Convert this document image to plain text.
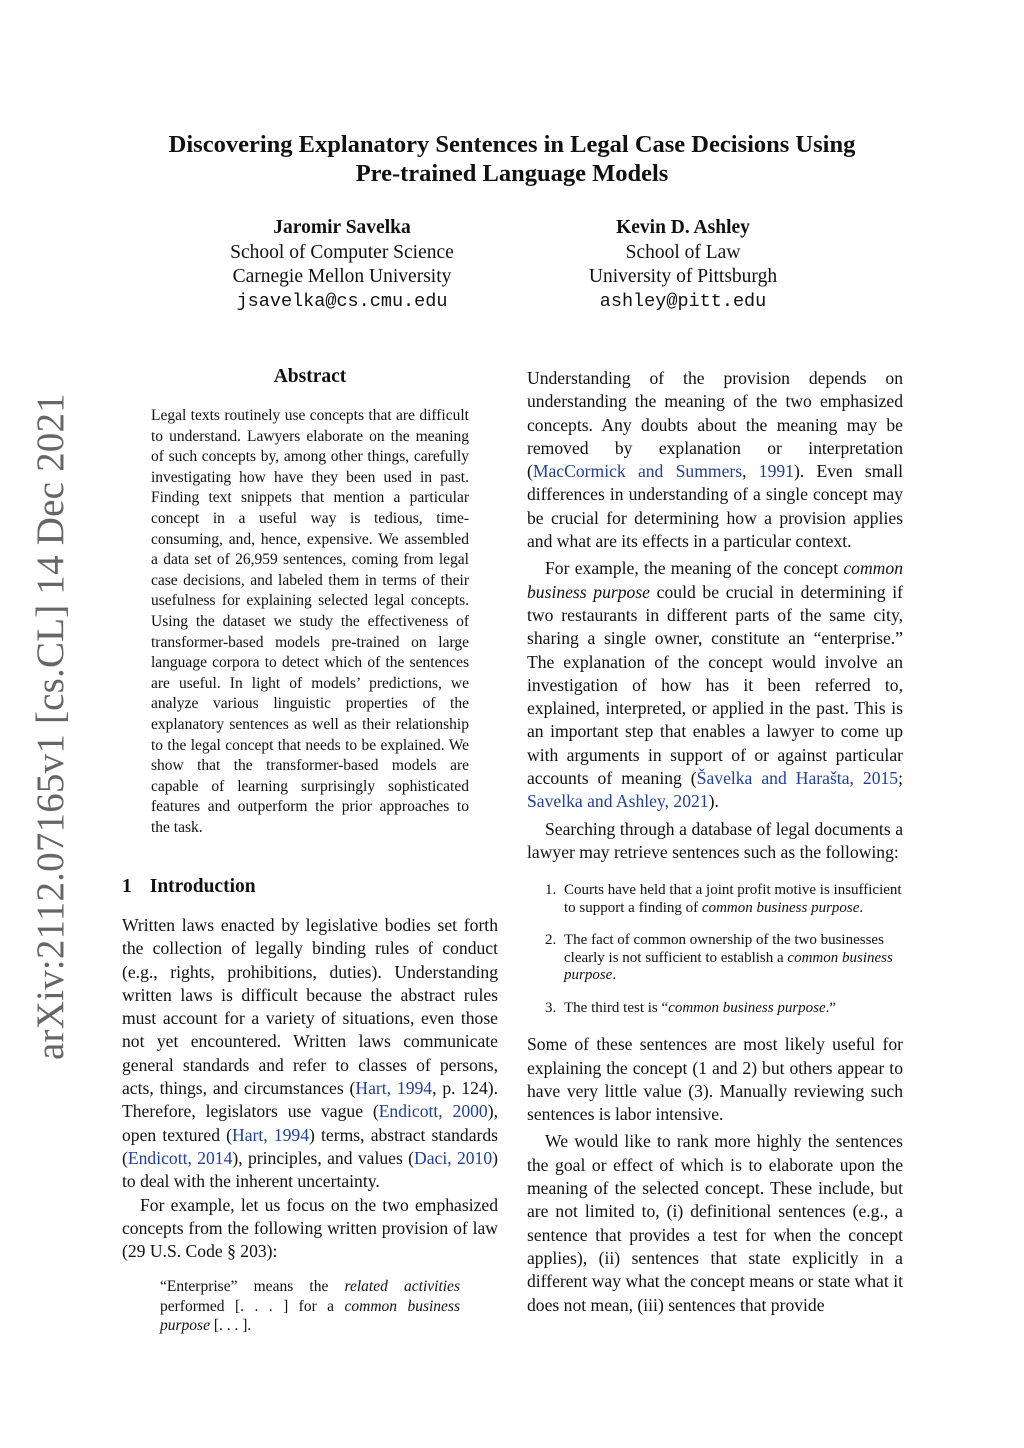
Discovering Explanatory Sentences in Legal Case Decisions Using
Pre-trained Language Models
Jaromir Savelka
School of Computer Science
Carnegie Mellon University
jsavelka@cs.cmu.edu
Kevin D. Ashley
School of Law
University of Pittsburgh
ashley@pitt.edu
arXiv:2112.07165v1 [cs.CL] 14 Dec 2021
Abstract
Legal texts routinely use concepts that are difficult to understand. Lawyers elaborate on the meaning of such concepts by, among other things, carefully investigating how have they been used in past. Finding text snippets that mention a particular concept in a useful way is tedious, time-consuming, and, hence, expensive. We assembled a data set of 26,959 sentences, coming from legal case decisions, and labeled them in terms of their usefulness for explaining selected legal concepts. Using the dataset we study the effectiveness of transformer-based models pre-trained on large language corpora to detect which of the sentences are useful. In light of models’ predictions, we analyze various linguistic properties of the explanatory sentences as well as their relationship to the legal concept that needs to be explained. We show that the transformer-based models are capable of learning surprisingly sophisticated features and outperform the prior approaches to the task.
1 Introduction

Written laws enacted by legislative bodies set forth the collection of legally binding rules of conduct (e.g., rights, prohibitions, duties). Understanding written laws is difficult because the abstract rules must account for a variety of situations, even those not yet encountered. Written laws communicate general standards and refer to classes of persons, acts, things, and circumstances (Hart, 1994, p. 124). Therefore, legislators use vague (Endicott, 2000), open textured (Hart, 1994) terms, abstract standards (Endicott, 2014), principles, and values (Daci, 2010) to deal with the inherent uncertainty.

For example, let us focus on the two emphasized concepts from the following written provision of law (29 U.S. Code § 203):

“Enterprise” means the related activities performed [. . . ] for a common business purpose [. . . ].

Understanding of the provision depends on understanding the meaning of the two emphasized concepts. Any doubts about the meaning may be removed by explanation or interpretation (MacCormick and Summers, 1991). Even small differences in understanding of a single concept may be crucial for determining how a provision applies and what are its effects in a particular context.

For example, the meaning of the concept common business purpose could be crucial in determining if two restaurants in different parts of the same city, sharing a single owner, constitute an “enterprise.” The explanation of the concept would involve an investigation of how has it been referred to, explained, interpreted, or applied in the past. This is an important step that enables a lawyer to come up with arguments in support of or against particular accounts of meaning (Šavelka and Harašta, 2015; Savelka and Ashley, 2021).

Searching through a database of legal documents a lawyer may retrieve sentences such as the following:

1. Courts have held that a joint profit motive is insufficient to support a finding of common business purpose.
2. The fact of common ownership of the two businesses clearly is not sufficient to establish a common business purpose.
3. The third test is “common business purpose.”

Some of these sentences are most likely useful for explaining the concept (1 and 2) but others appear to have very little value (3). Manually reviewing such sentences is labor intensive.

We would like to rank more highly the sentences the goal or effect of which is to elaborate upon the meaning of the selected concept. These include, but are not limited to, (i) definitional sentences (e.g., a sentence that provides a test for when the concept applies), (ii) sentences that state explicitly in a different way what the concept means or state what it does not mean, (iii) sentences that provide
